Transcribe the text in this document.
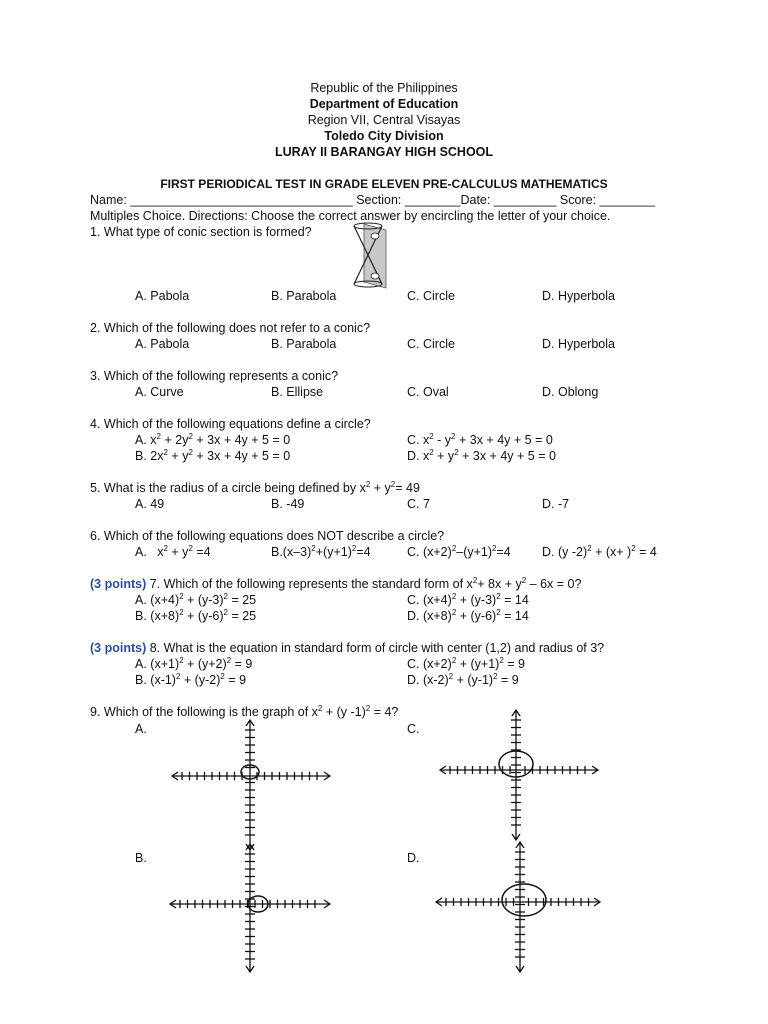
Republic of the Philippines
Department of Education
Region VII, Central Visayas
Toledo City Division
LURAY II BARANGAY HIGH SCHOOL
FIRST PERIODICAL TEST IN GRADE ELEVEN PRE-CALCULUS MATHEMATICS
Name: ________________________________ Section: ________Date: _________ Score: ________
Multiples Choice. Directions: Choose the correct answer by encircling the letter of your choice.
1. What type of conic section is formed?
A. Pabola	B. Parabola	C. Circle	D. Hyperbola
2. Which of the following does not refer to a conic?
A. Pabola	B. Parabola	C. Circle	D. Hyperbola
3. Which of the following represents a conic?
A. Curve	B. Ellipse	C. Oval	D. Oblong
4. Which of the following equations define a circle?
A. $x^2 + 2y^2 + 3x + 4y + 5 = 0$	C. $x^2 - y^2 + 3x + 4y + 5 = 0$
B. $2x^2 + y^2 + 3x + 4y + 5 = 0$	D. $x^2 + y^2 + 3x + 4y + 5 = 0$
5. What is the radius of a circle being defined by $x^2 + y^2= 49$
A. 49	B. -49	C. 7	D. -7
6. Which of the following equations does NOT describe a circle?
A.   $x^2 + y^2 =4$	$B.(x-3)^2+(y+1)^2=4$	C. $(x+2)^2-(y+1)^2=4$ D. (y $-2)^2 + (x+ )^2 = 4$
(3 points) 7. Which of the following represents the standard form of $x^2+ 8x + y^2 - 6x = 0$?
A. $(x+4)^2 + (y-3)^2 = 25$	C. $(x+4)^2 + (y-3)^2 = 14$
B. $(x+8)^2 + (y-6)^2 = 25$	D. $(x+8)^2 + (y-6)^2 = 14$
(3 points) 8. What is the equation in standard form of circle with center (1,2) and radius of 3?
A. $(x+1)^2 + (y+2)^2 = 9$	C. $(x+2)^2 + (y+1)^2 = 9$
B. $(x-1)^2 + (y-2)^2 = 9$	D. $(x-2)^2 + (y-1)^2 = 9$
9. Which of the following is the graph of $x^2 + (y$ -1)$^2$ = 4?
A.	C.
B.	D.
